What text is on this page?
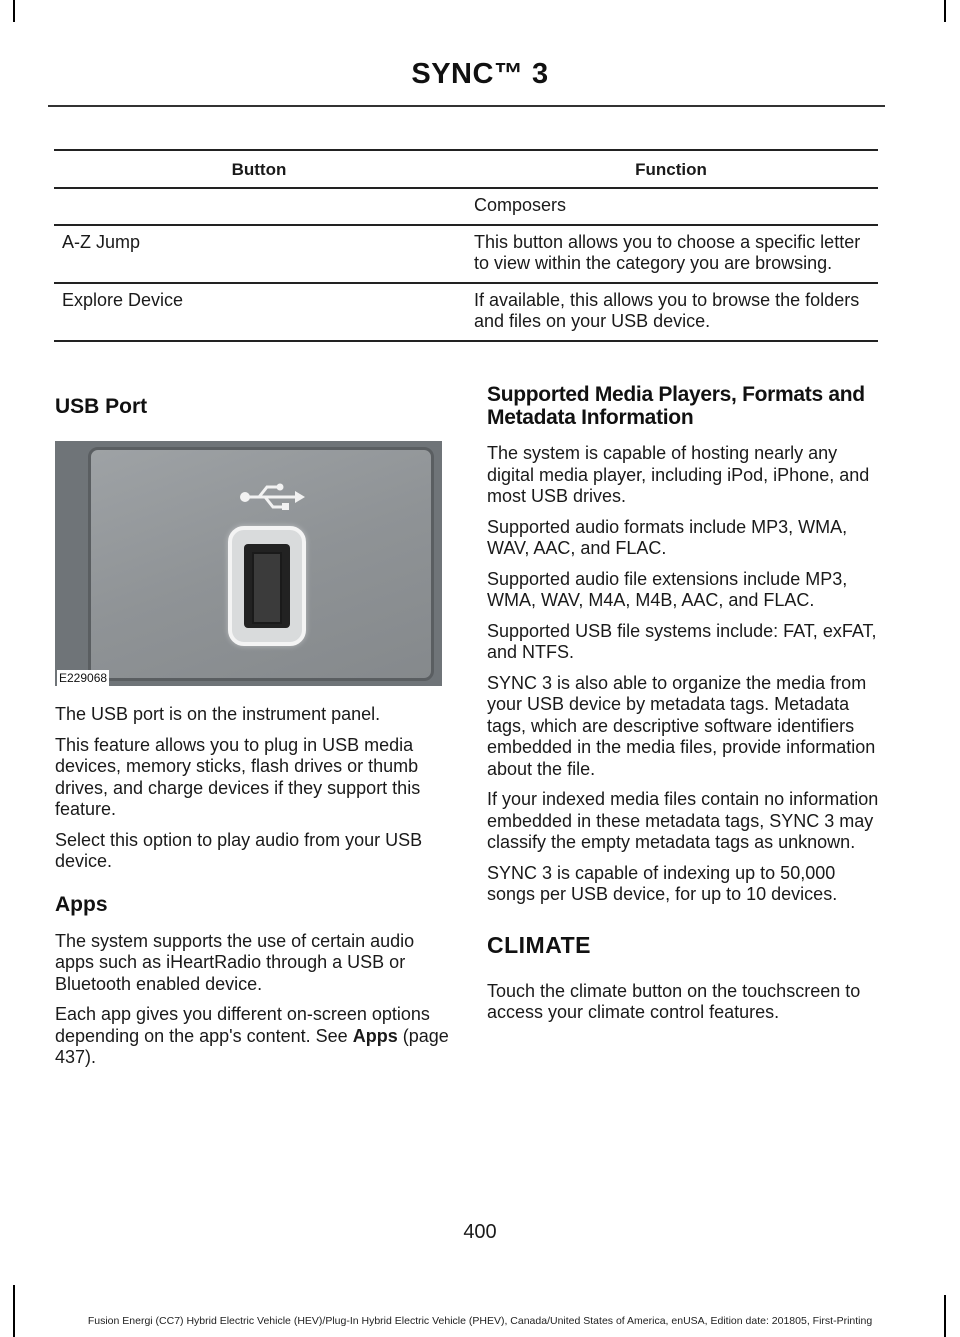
SYNC™ 3
Button	Function
	Composers
A-Z Jump	This button allows you to choose a specific letter to view within the category you are browsing.
Explore Device	If available, this allows you to browse the folders and files on your USB device.
USB Port
E229068

The USB port is on the instrument panel.

This feature allows you to plug in USB media devices, memory sticks, flash drives or thumb drives, and charge devices if they support this feature.

Select this option to play audio from your USB device.

Apps

The system supports the use of certain audio apps such as iHeartRadio through a USB or Bluetooth enabled device.

Each app gives you different on-screen options depending on the app's content. See Apps (page 437).

Supported Media Players, Formats and Metadata Information

The system is capable of hosting nearly any digital media player, including iPod, iPhone, and most USB drives.

Supported audio formats include MP3, WMA, WAV, AAC, and FLAC.

Supported audio file extensions include MP3, WMA, WAV, M4A, M4B, AAC, and FLAC.

Supported USB file systems include: FAT, exFAT, and NTFS.

SYNC 3 is also able to organize the media from your USB device by metadata tags. Metadata tags, which are descriptive software identifiers embedded in the media files, provide information about the file.

If your indexed media files contain no information embedded in these metadata tags, SYNC 3 may classify the empty metadata tags as unknown.

SYNC 3 is capable of indexing up to 50,000 songs per USB device, for up to 10 devices.

CLIMATE

Touch the climate button on the touchscreen to access your climate control features.

400
Fusion Energi (CC7) Hybrid Electric Vehicle (HEV)/Plug-In Hybrid Electric Vehicle (PHEV), Canada/United States of America, enUSA, Edition date: 201805, First-Printing
